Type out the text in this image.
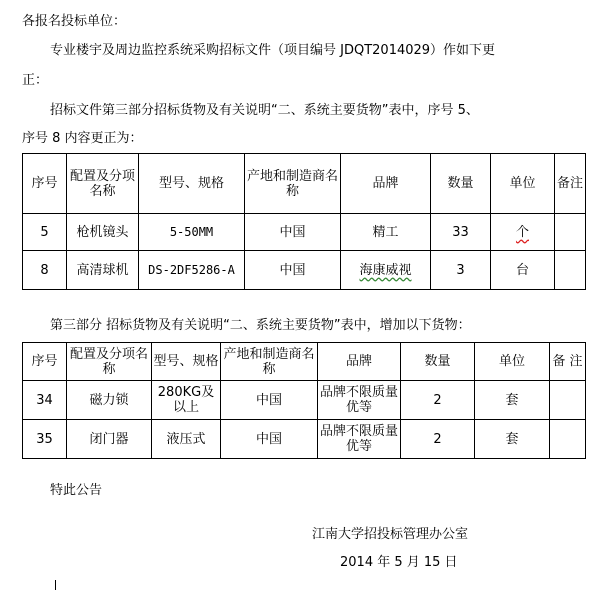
各报名投标单位：
专业楼宇及周边监控系统采购招标文件（项目编号 JDQT2014029）作如下更
正：
招标文件第三部分招标货物及有关说明“二、系统主要货物”表中，序号 5、
序号 8 内容更正为：
序号	配置及分项名称	型号、规格	产地和制造商名称	品牌	数量	单位	备注
5	枪机镜头	5-50MM	中国	精工	33	个	
8	高清球机	DS-2DF5286-A	中国	海康威视	3	台	
第三部分 招标货物及有关说明“二、系统主要货物”表中，增加以下货物：
序号	配置及分项名称	型号、规格	产地和制造商名称	品牌	数量	单位	备 注
34	磁力锁	280KG及以上	中国	品牌不限质量优等	2	套	
35	闭门器	液压式	中国	品牌不限质量优等	2	套	
特此公告
江南大学招投标管理办公室
2014 年 5 月 15 日
